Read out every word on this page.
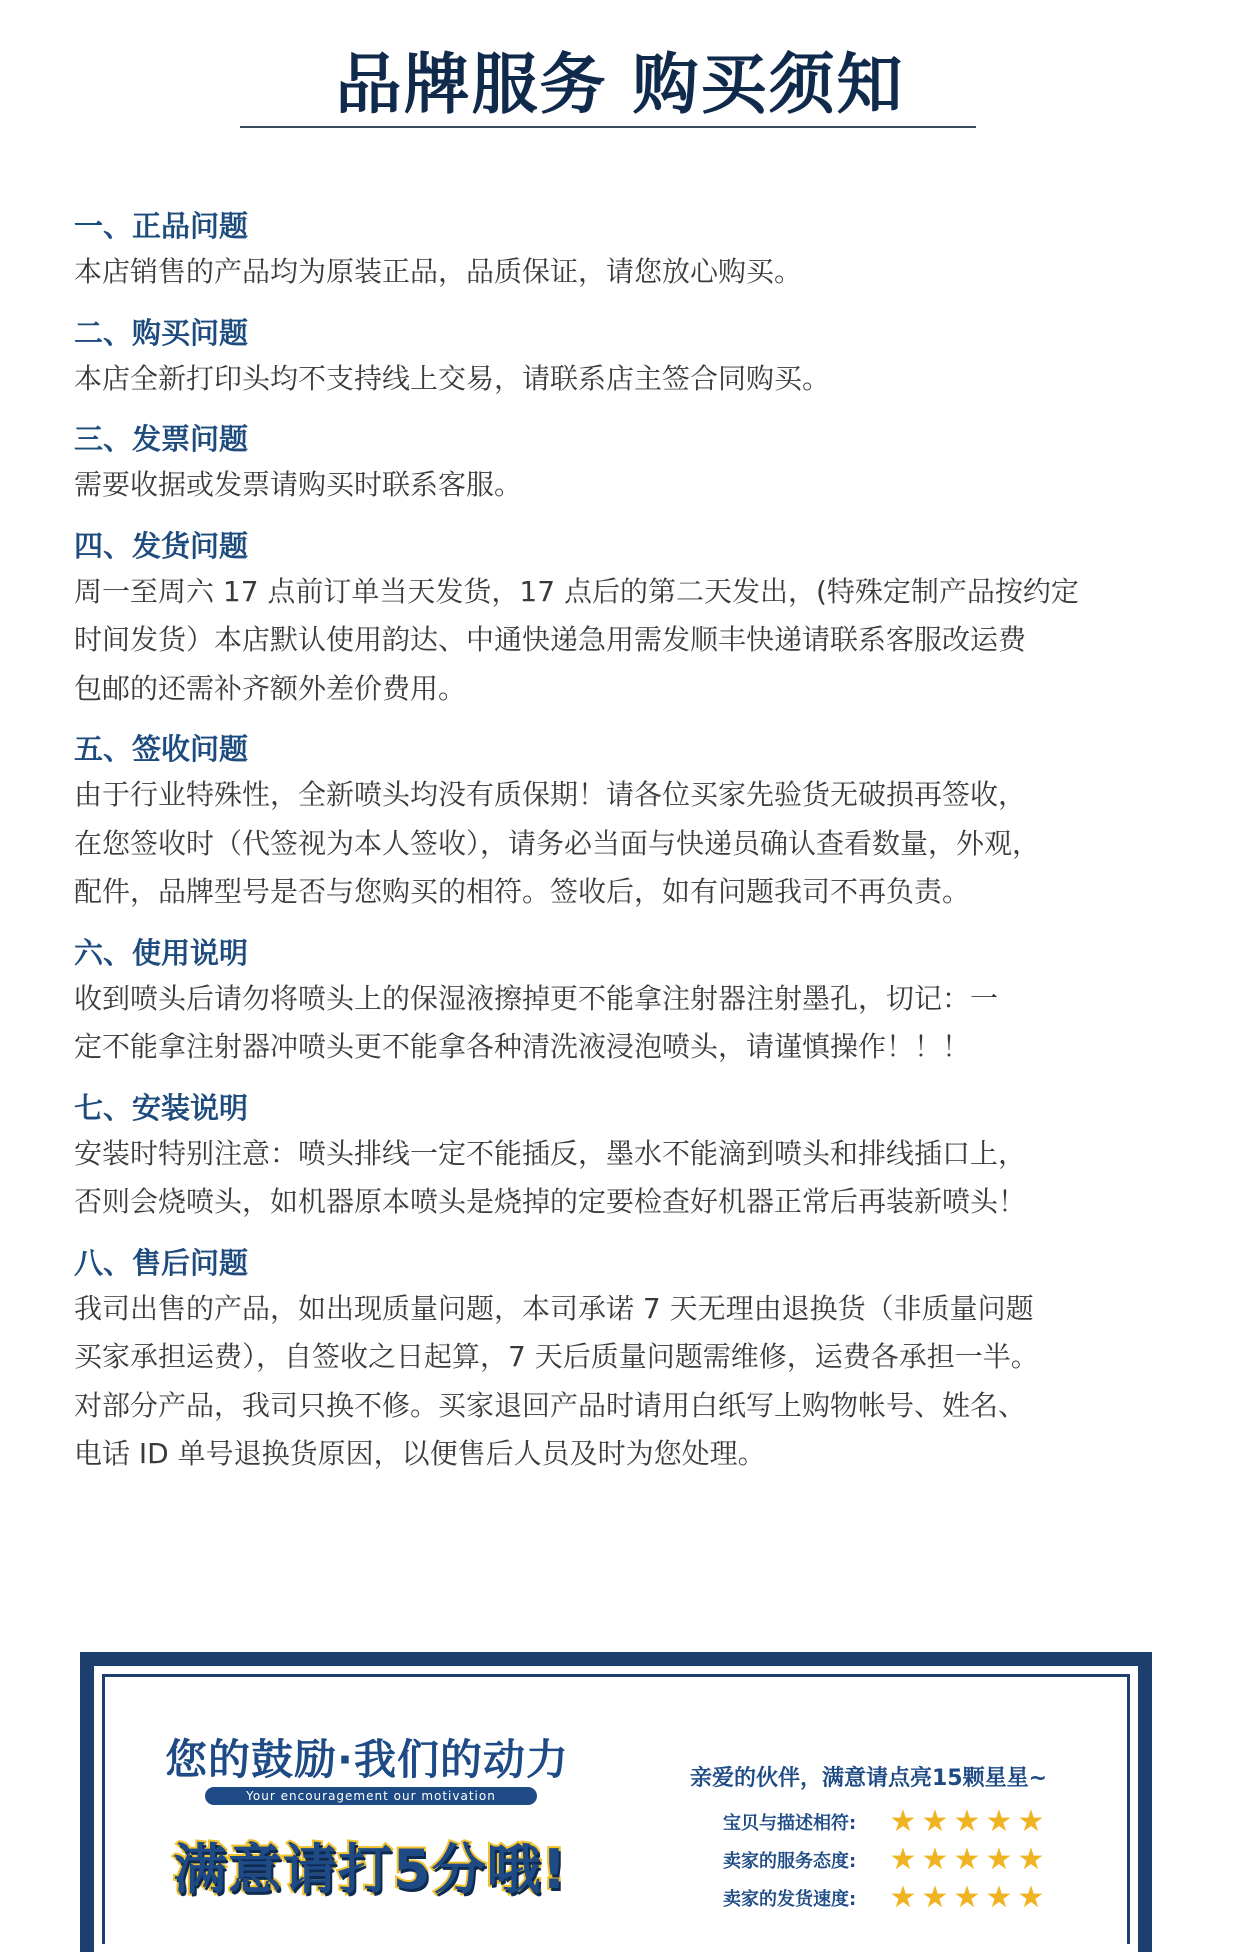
品牌服务 购买须知
一、正品问题
本店销售的产品均为原装正品，品质保证，请您放心购买。
二、购买问题
本店全新打印头均不支持线上交易，请联系店主签合同购买。
三、发票问题
需要收据或发票请购买时联系客服。
四、发货问题
周一至周六 17 点前订单当天发货，17 点后的第二天发出，(特殊定制产品按约定
时间发货）本店默认使用韵达、中通快递急用需发顺丰快递请联系客服改运费
包邮的还需补齐额外差价费用。
五、签收问题
由于行业特殊性，全新喷头均没有质保期！请各位买家先验货无破损再签收，
在您签收时（代签视为本人签收），请务必当面与快递员确认查看数量，外观，
配件，品牌型号是否与您购买的相符。签收后，如有问题我司不再负责。
六、使用说明
收到喷头后请勿将喷头上的保湿液擦掉更不能拿注射器注射墨孔，切记：一
定不能拿注射器冲喷头更不能拿各种清洗液浸泡喷头，请谨慎操作！！！
七、安装说明
安装时特别注意：喷头排线一定不能插反，墨水不能滴到喷头和排线插口上，
否则会烧喷头，如机器原本喷头是烧掉的定要检查好机器正常后再装新喷头！
八、售后问题
我司出售的产品，如出现质量问题，本司承诺 7 天无理由退换货（非质量问题
买家承担运费），自签收之日起算，7 天后质量问题需维修，运费各承担一半。
对部分产品，我司只换不修。买家退回产品时请用白纸写上购物帐号、姓名、
电话 ID 单号退换货原因，以便售后人员及时为您处理。
您的鼓励·我们的动力
Your encouragement our motivation
满意请打5分哦!
亲爱的伙伴，满意请点亮15颗星星~
宝贝与描述相符:	★ ★ ★ ★ ★
卖家的服务态度:	★ ★ ★ ★ ★
卖家的发货速度:	★ ★ ★ ★ ★
